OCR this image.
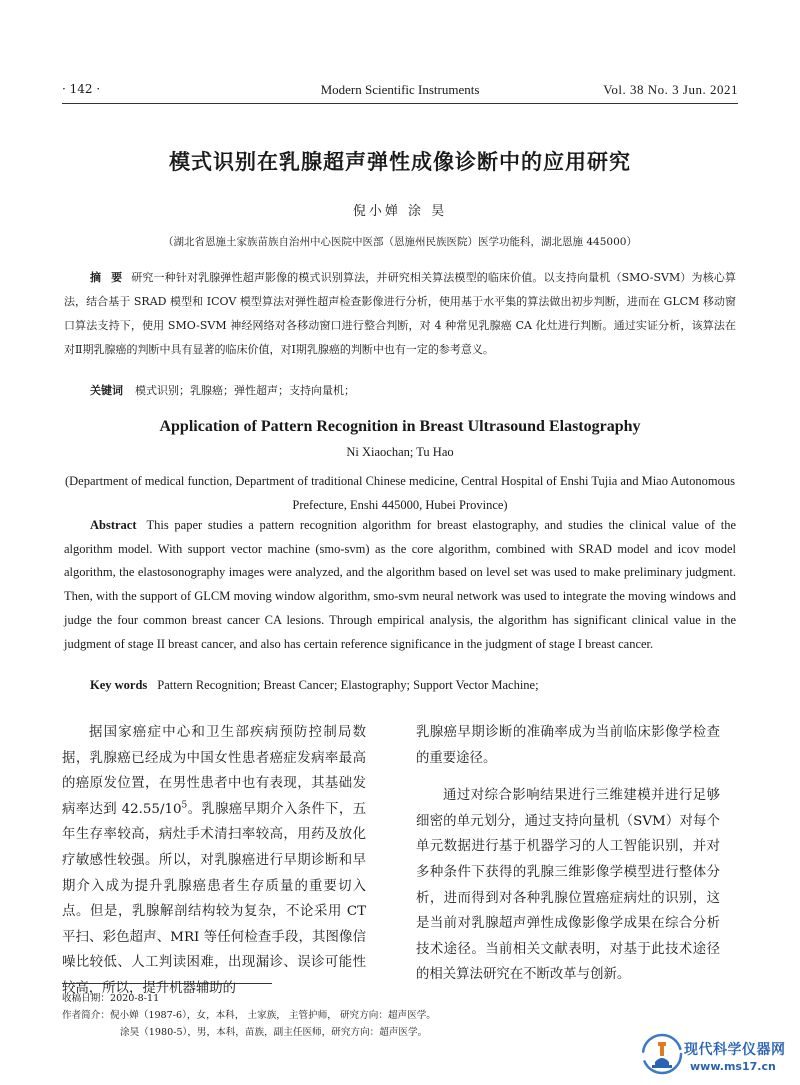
· 142 ·	Modern Scientific Instruments	Vol. 38 No. 3 Jun. 2021
模式识别在乳腺超声弹性成像诊断中的应用研究
倪小婵 涂 昊
（湖北省恩施土家族苗族自治州中心医院中医部（恩施州民族医院）医学功能科，湖北恩施 445000）
摘 要 研究一种针对乳腺弹性超声影像的模式识别算法，并研究相关算法模型的临床价值。以支持向量机（SMO-SVM）为核心算法，结合基于 SRAD 模型和 ICOV 模型算法对弹性超声检查影像进行分析，使用基于水平集的算法做出初步判断，进而在 GLCM 移动窗口算法支持下，使用 SMO-SVM 神经网络对各移动窗口进行整合判断，对 4 种常见乳腺癌 CA 化灶进行判断。通过实证分析，该算法在对Ⅱ期乳腺癌的判断中具有显著的临床价值，对Ⅰ期乳腺癌的判断中也有一定的参考意义。
关键词 模式识别；乳腺癌；弹性超声；支持向量机；
Application of Pattern Recognition in Breast Ultrasound Elastography
Ni Xiaochan; Tu Hao
(Department of medical function, Department of traditional Chinese medicine, Central Hospital of Enshi Tujia and Miao Autonomous Prefecture, Enshi 445000, Hubei Province)
Abstract This paper studies a pattern recognition algorithm for breast elastography, and studies the clinical value of the algorithm model. With support vector machine (smo-svm) as the core algorithm, combined with SRAD model and icov model algorithm, the elastosonography images were analyzed, and the algorithm based on level set was used to make preliminary judgment. Then, with the support of GLCM moving window algorithm, smo-svm neural network was used to integrate the moving windows and judge the four common breast cancer CA lesions. Through empirical analysis, the algorithm has significant clinical value in the judgment of stage II breast cancer, and also has certain reference significance in the judgment of stage I breast cancer.
Key words Pattern Recognition; Breast Cancer; Elastography; Support Vector Machine;

据国家癌症中心和卫生部疾病预防控制局数据，乳腺癌已经成为中国女性患者癌症发病率最高的癌原发位置，在男性患者中也有表现，其基础发病率达到 $42.55/10^5$。乳腺癌早期介入条件下，五年生存率较高，病灶手术清扫率较高，用药及放化疗敏感性较强。所以，对乳腺癌进行早期诊断和早期介入成为提升乳腺癌患者生存质量的重要切入点。但是，乳腺解剖结构较为复杂，不论采用 CT 平扫、彩色超声、MRI 等任何检查手段，其图像信噪比较低、人工判读困难，出现漏诊、误诊可能性较高，所以，提升机器辅助的

乳腺癌早期诊断的准确率成为当前临床影像学检查的重要途径。

通过对综合影响结果进行三维建模并进行足够细密的单元划分，通过支持向量机（SVM）对每个单元数据进行基于机器学习的人工智能识别，并对多种条件下获得的乳腺三维影像学模型进行整体分析，进而得到对各种乳腺位置癌症病灶的识别，这是当前对乳腺超声弹性成像影像学成果在综合分析技术途径。当前相关文献表明，对基于此技术途径的相关算法研究在不断改革与创新。

收稿日期：2020-8-11
作者简介：倪小婵（1987-6），女，本科， 土家族， 主管护师， 研究方向：超声医学。
涂昊（1980-5），男，本科，苗族，副主任医师，研究方向：超声医学。
现代科学仪器网
www.ms17.cn
